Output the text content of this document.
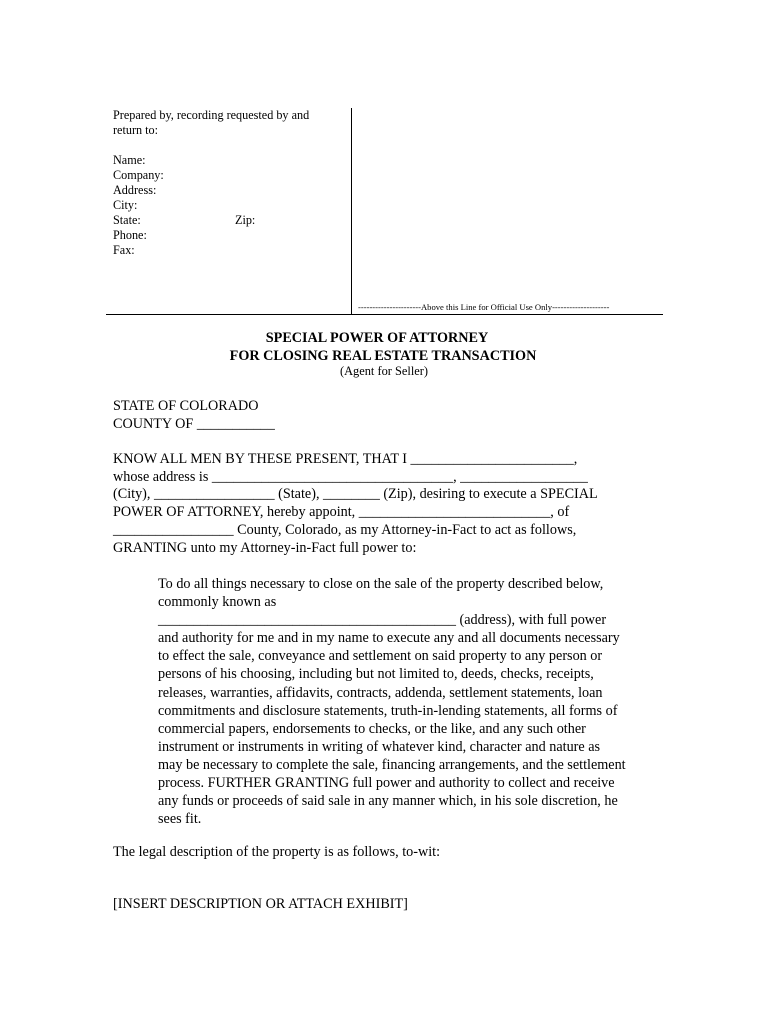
Prepared by, recording requested by and
return to:
Name:
Company:
Address:
City:
State:	Zip:
Phone:
Fax:
----------------------Above this Line for Official Use Only--------------------
SPECIAL POWER OF ATTORNEY
FOR CLOSING REAL ESTATE TRANSACTION
(Agent for Seller)
STATE OF COLORADO
COUNTY OF ___________
KNOW ALL MEN BY THESE PRESENT, THAT I _______________________,
whose address is __________________________________, __________________
(City), _________________ (State), ________ (Zip), desiring to execute a SPECIAL
POWER OF ATTORNEY, hereby appoint, ___________________________, of
_________________ County, Colorado, as my Attorney-in-Fact to act as follows,
GRANTING unto my Attorney-in-Fact full power to:
To do all things necessary to close on the sale of the property described below,
commonly known as
__________________________________________ (address), with full power
and authority for me and in my name to execute any and all documents necessary
to effect the sale, conveyance and settlement on said property to any person or
persons of his choosing, including but not limited to, deeds, checks, receipts,
releases, warranties, affidavits, contracts, addenda, settlement statements, loan
commitments and disclosure statements, truth-in-lending statements, all forms of
commercial papers, endorsements to checks, or the like, and any such other
instrument or instruments in writing of whatever kind, character and nature as
may be necessary to complete the sale, financing arrangements, and the settlement
process. FURTHER GRANTING full power and authority to collect and receive
any funds or proceeds of said sale in any manner which, in his sole discretion, he
sees fit.
The legal description of the property is as follows, to-wit:
[INSERT DESCRIPTION OR ATTACH EXHIBIT]
